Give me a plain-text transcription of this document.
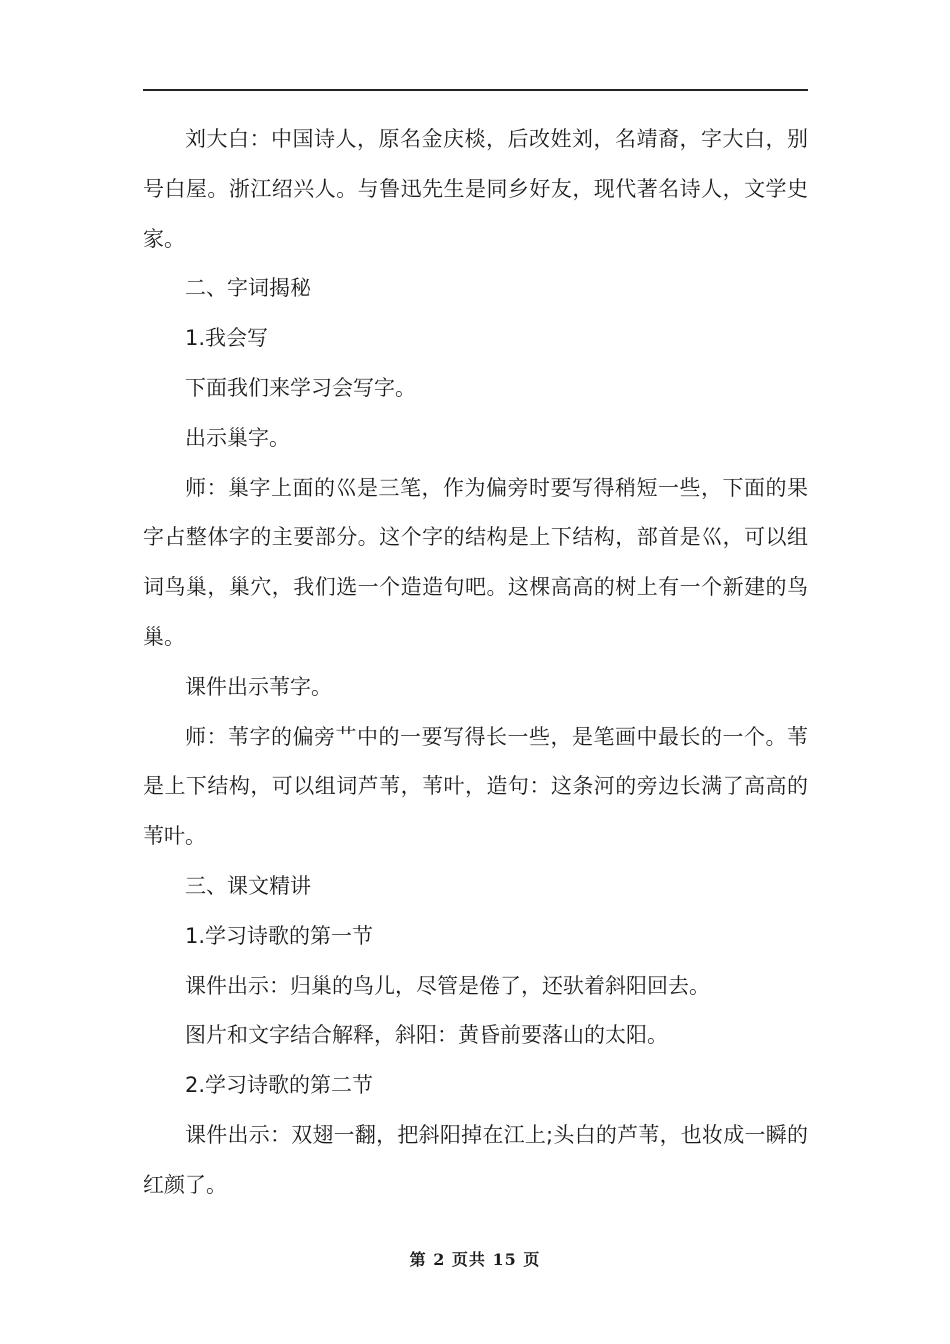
刘大白：中国诗人，原名金庆棪，后改姓刘，名靖裔，字大白，别号白屋。浙江绍兴人。与鲁迅先生是同乡好友，现代著名诗人，文学史家。

二、字词揭秘

1.我会写

下面我们来学习会写字。

出示巢字。

师：巢字上面的巛是三笔，作为偏旁时要写得稍短一些，下面的果字占整体字的主要部分。这个字的结构是上下结构，部首是巛，可以组词鸟巢，巢穴，我们选一个造造句吧。这棵高高的树上有一个新建的鸟巢。

课件出示苇字。

师：苇字的偏旁艹中的一要写得长一些，是笔画中最长的一个。苇是上下结构，可以组词芦苇，苇叶，造句：这条河的旁边长满了高高的苇叶。

三、课文精讲

1.学习诗歌的第一节

课件出示：归巢的鸟儿，尽管是倦了，还驮着斜阳回去。

图片和文字结合解释，斜阳：黄昏前要落山的太阳。

2.学习诗歌的第二节

课件出示：双翅一翻，把斜阳掉在江上;头白的芦苇，也妆成一瞬的红颜了。

第 2 页共 15 页
